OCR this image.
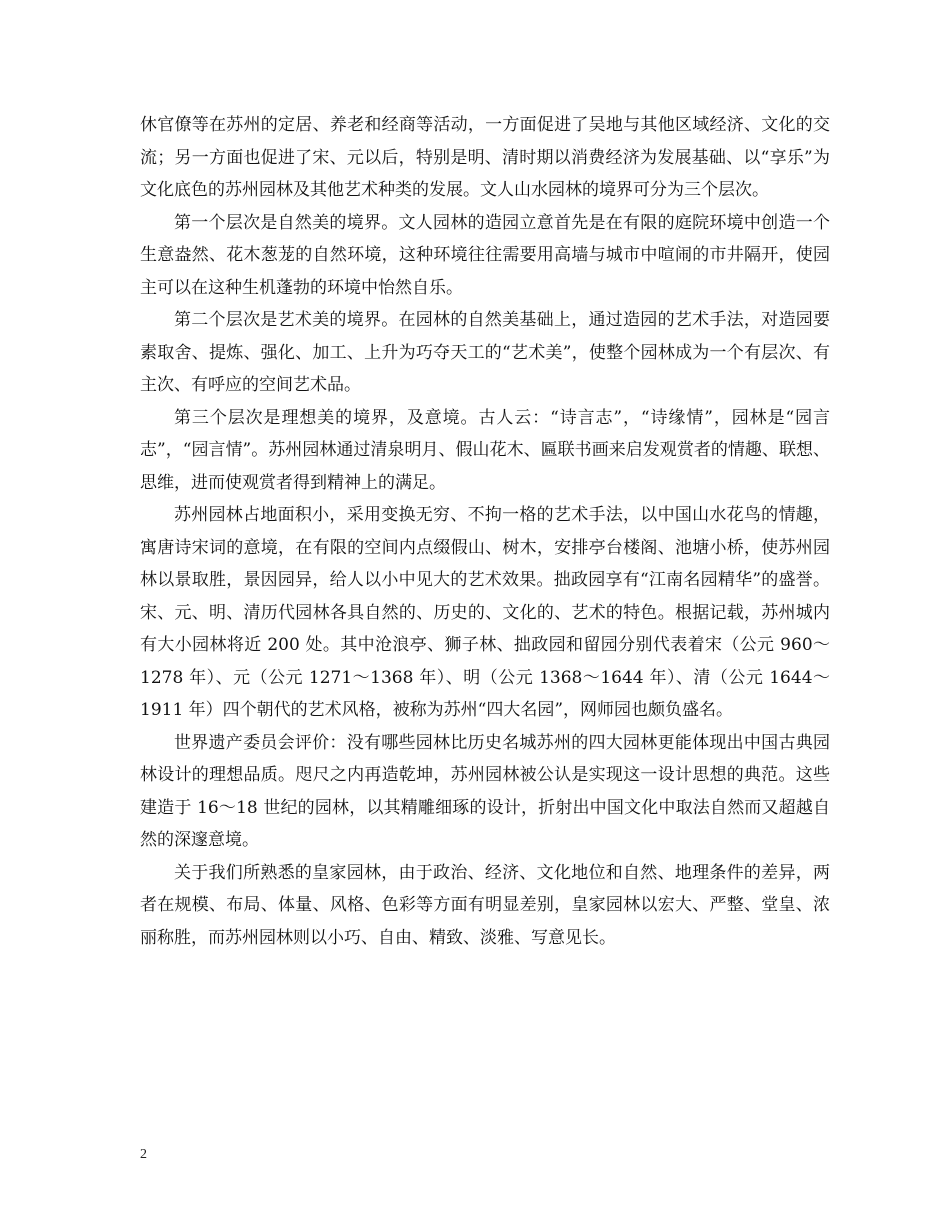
休官僚等在苏州的定居、养老和经商等活动，一方面促进了吴地与其他区域经济、文化的交流；另一方面也促进了宋、元以后，特别是明、清时期以消费经济为发展基础、以“享乐”为文化底色的苏州园林及其他艺术种类的发展。文人山水园林的境界可分为三个层次。

第一个层次是自然美的境界。文人园林的造园立意首先是在有限的庭院环境中创造一个生意盎然、花木葱茏的自然环境，这种环境往往需要用高墙与城市中喧闹的市井隔开，使园主可以在这种生机蓬勃的环境中怡然自乐。

第二个层次是艺术美的境界。在园林的自然美基础上，通过造园的艺术手法，对造园要素取舍、提炼、强化、加工、上升为巧夺天工的“艺术美”，使整个园林成为一个有层次、有主次、有呼应的空间艺术品。

第三个层次是理想美的境界，及意境。古人云：“诗言志”，“诗缘情”，园林是“园言志”，“园言情”。苏州园林通过清泉明月、假山花木、匾联书画来启发观赏者的情趣、联想、思维，进而使观赏者得到精神上的满足。

苏州园林占地面积小，采用变换无穷、不拘一格的艺术手法，以中国山水花鸟的情趣，寓唐诗宋词的意境，在有限的空间内点缀假山、树木，安排亭台楼阁、池塘小桥，使苏州园林以景取胜，景因园异，给人以小中见大的艺术效果。拙政园享有“江南名园精华”的盛誉。宋、元、明、清历代园林各具自然的、历史的、文化的、艺术的特色。根据记载，苏州城内有大小园林将近 200 处。其中沧浪亭、狮子林、拙政园和留园分别代表着宋（公元 960～1278 年）、元（公元 1271～1368 年）、明（公元 1368～1644 年）、清（公元 1644～1911 年）四个朝代的艺术风格，被称为苏州“四大名园”，网师园也颇负盛名。

世界遗产委员会评价：没有哪些园林比历史名城苏州的四大园林更能体现出中国古典园林设计的理想品质。咫尺之内再造乾坤，苏州园林被公认是实现这一设计思想的典范。这些建造于 16～18 世纪的园林，以其精雕细琢的设计，折射出中国文化中取法自然而又超越自然的深邃意境。

关于我们所熟悉的皇家园林，由于政治、经济、文化地位和自然、地理条件的差异，两者在规模、布局、体量、风格、色彩等方面有明显差别，皇家园林以宏大、严整、堂皇、浓丽称胜，而苏州园林则以小巧、自由、精致、淡雅、写意见长。

2
